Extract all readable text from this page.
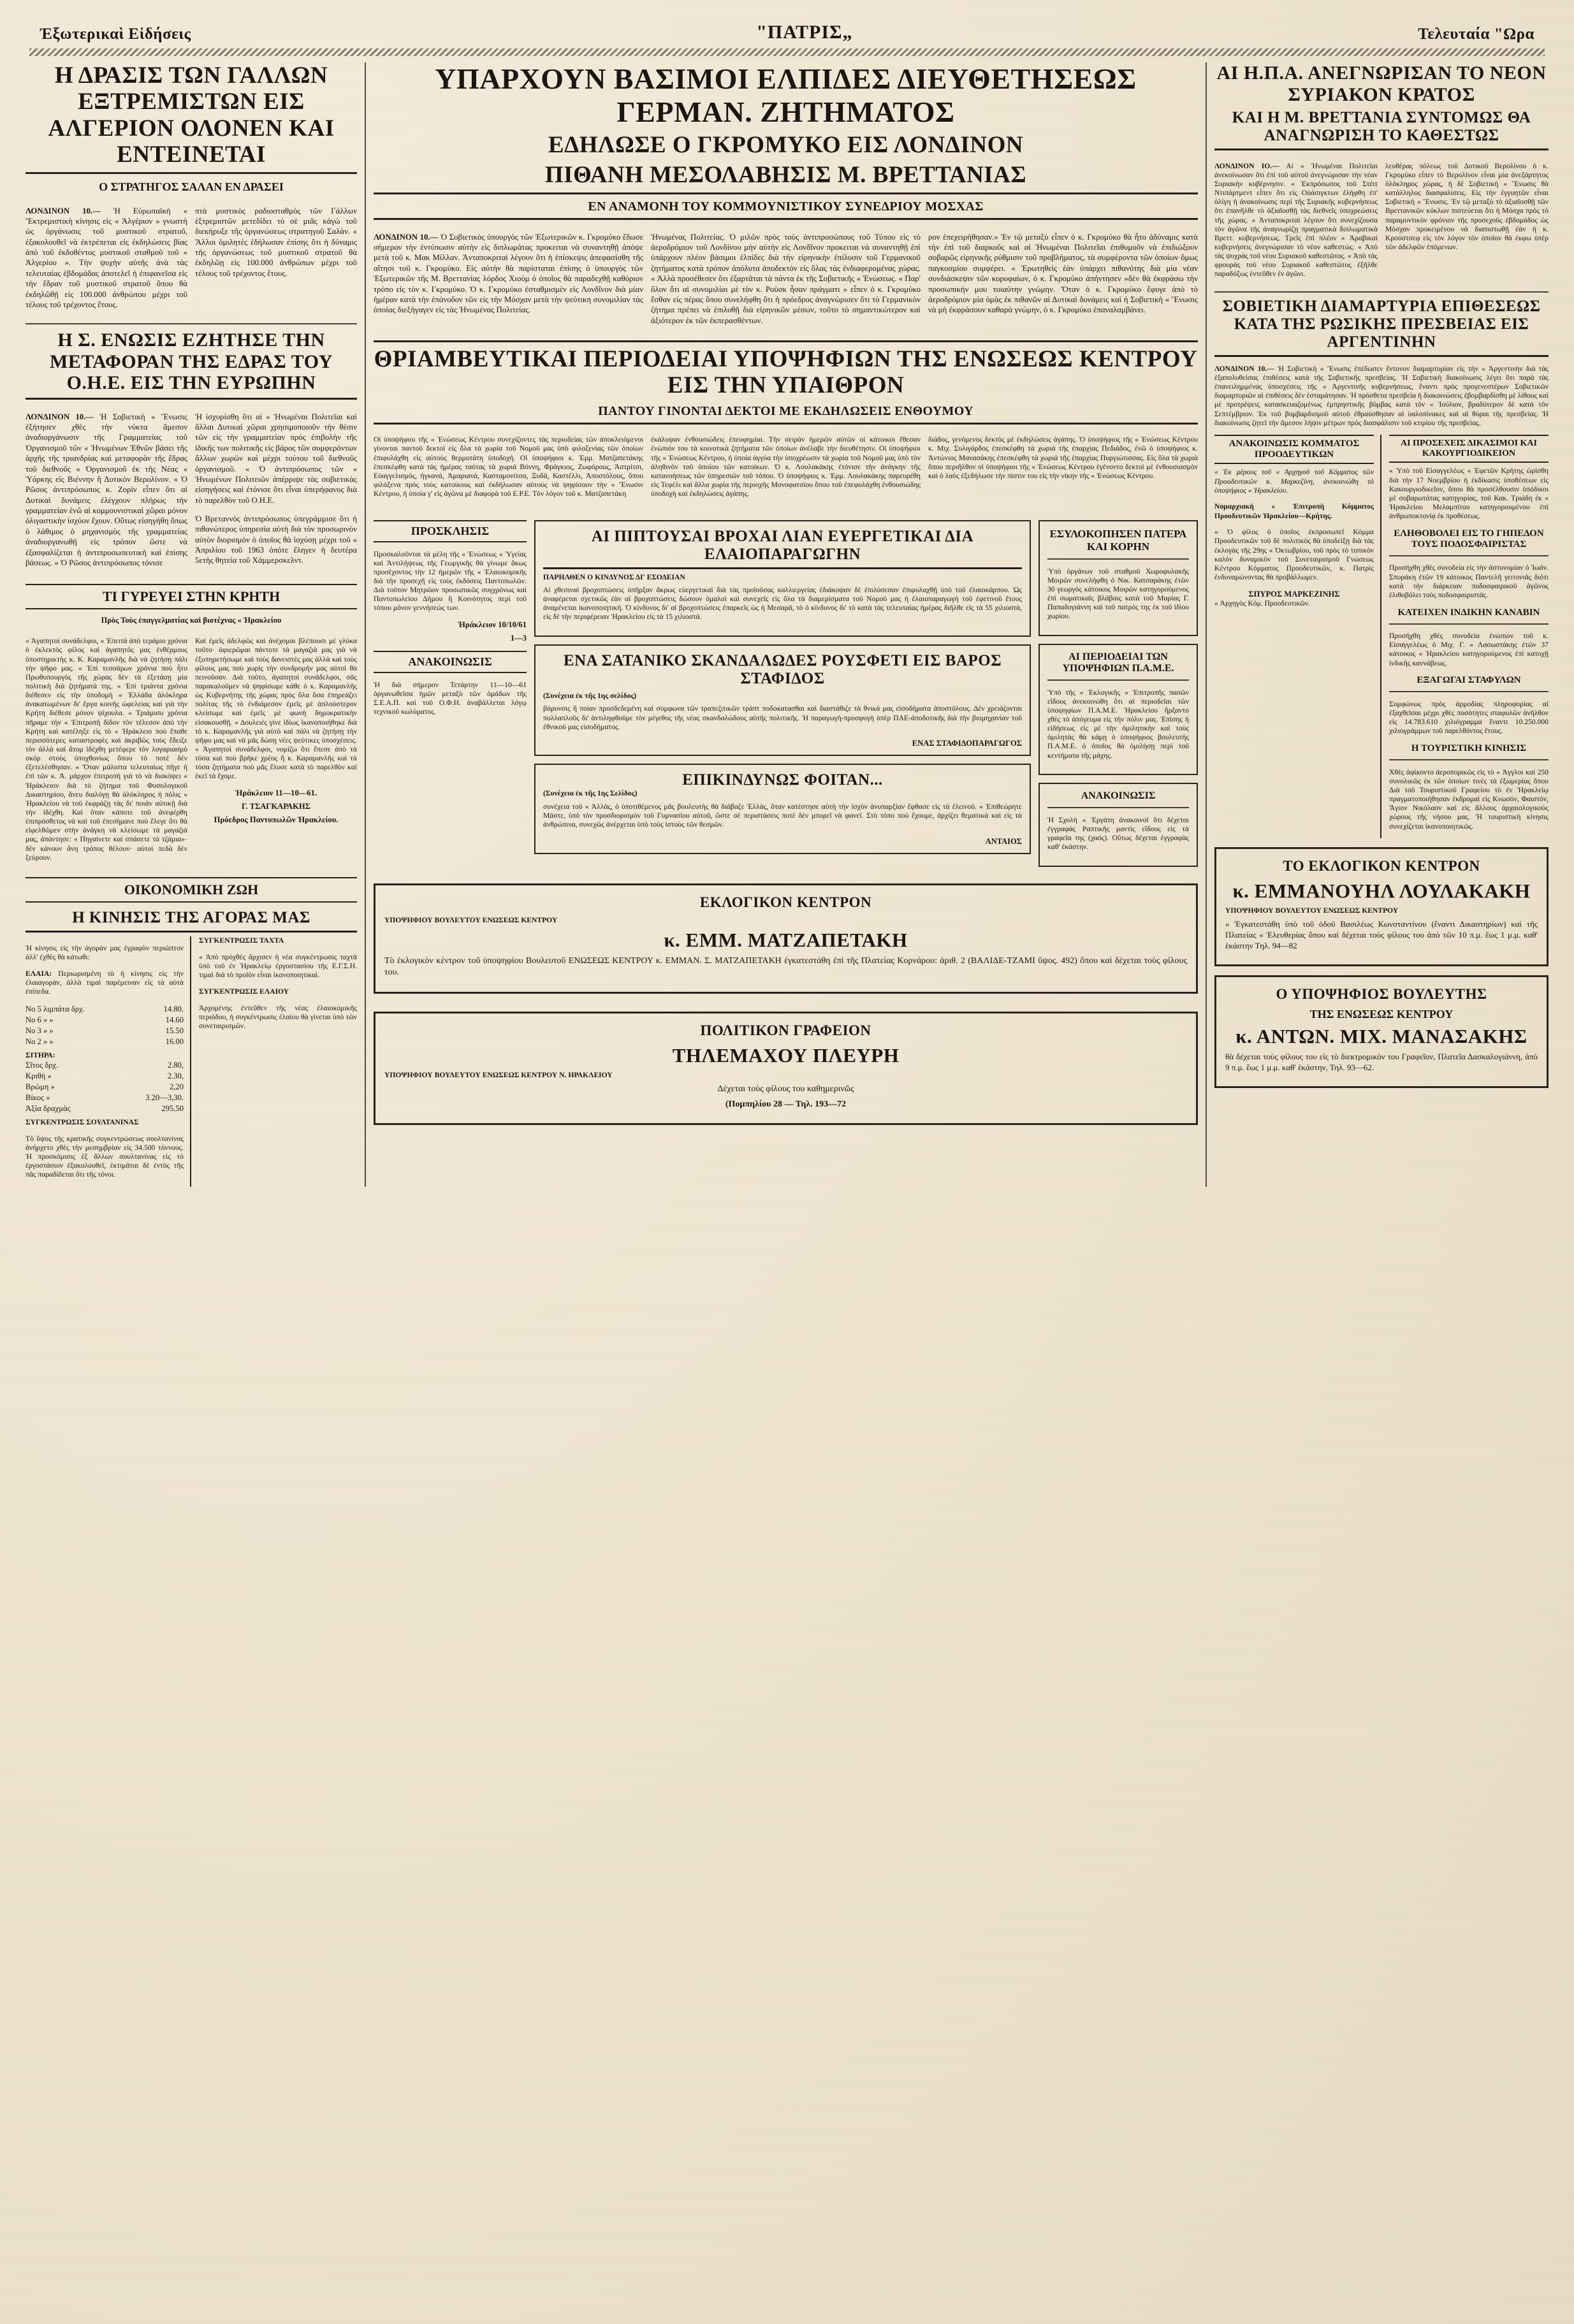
Ἐξωτερικαὶ Εἰδήσεις	"ΠΑΤΡΙΣ„	Τελευταία "Ωρα
Η ΔΡΑΣΙΣ ΤΩΝ ΓΑΛΛΩΝ ΕΞΤΡΕΜΙΣΤΩΝ ΕΙΣ ΑΛΓΕΡΙΟΝ ΟΛΟΝΕΝ ΚΑΙ ΕΝΤΕΙΝΕΤΑΙ
Ο ΣΤΡΑΤΗΓΟΣ ΣΑΛΑΝ ΕΝ ΔΡΑΣΕΙ

ΛΟΝΔΙΝΟΝ 10.— Ἡ Εὐρωπαϊκὴ « Ἔκτρεμιστικὴ κίνησις εἰς « Ἀλγέριον » γνωστὴ ὡς ὀργάνωσις τοῦ μυστικοῦ στρατοῦ, ἐξακολουθεῖ νὰ ἐκτρέπεται εἰς ἐκδηλώσεις βίας ἀπὸ τοῦ ἐκδοθέντος μυστικοῦ σταθμοῦ τοῦ « Ἀλγερίου ». Τὴν ψυχὴν αὐτῆς ἀνὰ τὰς τελευταίας ἑβδομάδας ἀποτελεῖ ἡ ἐπιφανεῖσα εἰς τὴν ἔδραν τοῦ μυστικοῦ στρατοῦ ὅπου θὰ ἐκδηλῶθῇ εἰς 100.000 ἀνθρώπου μέχρι τοῦ τέλους τοῦ τρέχοντος ἔτους.

πτὰ μυστικὸς ραδιοσταθμὸς τῶν Γάλλων ἐξτρεμιστῶν μετεδίδει τὸ σὲ μιᾶς κἀγὼ τοῦ διεκήρυξε τῆς ὀργανώσεως στρατηγοῦ Σαλάν. « Ἄλλοι ὁμιλητὲς ἐδήλωσαν ἐπίσης ὅτι ἡ δύναμις τῆς ὀργανώσεως τοῦ μυστικοῦ στρατοῦ θὰ ἐκδηλῶῃ εἰς 100.000 ἀνθρώπων μέχρι τοῦ τέλους τοῦ τρέχοντος ἔτους.

Η Σ. ΕΝΩΣΙΣ ΕΖΗΤΗΣΕ ΤΗΝ ΜΕΤΑΦΟΡΑΝ ΤΗΣ ΕΔΡΑΣ ΤΟΥ Ο.Η.Ε. ΕΙΣ ΤΗΝ ΕΥΡΩΠΗΝ

ΛΟΝΔΙΝΟΝ 10.— Ἡ Σοβιετικὴ « Ἔνωσις ἐξήτησεν χθὲς τὴν νύκτα ἄμεσον ἀναδιοργάνωσιν τῆς Γραμματείας τοῦ Ὀργανισμοῦ τῶν « Ἡνωμένων Ἐθνῶν βάσει τῆς ἀρχῆς τῆς τριανδρίας καὶ μεταφορὰν τῆς ἕδρας τοῦ διεθνοῦς « Ὀργανισμοῦ ἐκ τῆς Νέας « Ὑόρκης εἰς Βιέννην ἢ Δυτικὸν Βερολίνον. « Ὁ Ρῶσος ἀντιπρόσωπος κ. Ζορὶν εἶπεν ὅτι αἱ Δυτικαὶ δυνάμεις ἐλέγχουν πλήρως τὴν γραμματείαν ἐνῶ αἱ κομμουνιστικαὶ χῶραι μόνον ὀλιγαστικὴν ἰσχύον ἔχουν. Οὕτως εἰσηγήθη ὅπως ὁ λάθιμος ὁ μηχανισμὸς τῆς γραμματείας ἀναδιοργανωθῇ εἰς τρόπον ὥστε νὰ ἐξασφαλίζεται ἡ ἀντιπροσωπευτικὴ καὶ ἐπίσης βάσεως. « Ὁ Ρῶσος ἀντιπρόσωπος τόνισε

Ἡ ἰσχυρίσθη ὅτι αἱ « Ἡνωμέναι Πολιτεῖαι καὶ ἄλλαι Δυτικαὶ χῶραι χρησιμοποιοῦν τὴν θέσιν τῶν εἰς τὴν γραμματείαν πρὸς ἐπιβολὴν τῆς ἰδικῆς των πολιτικῆς εἰς βάρος τῶν συμφερόντων ἄλλων χωρῶν καὶ μέχρι τούτου τοῦ διεθνοῦς ὀργανισμοῦ. « Ὁ ἀντιπρόσωπος τῶν « Ἡνωμένων Πολιτειῶν ἀπέρριψε τὰς σοβιετικὰς εἰσηγήσεις καὶ ἐτόνισε ὅτι εἶναι ὑπερήφανος διὰ τὸ παρελθὸν τοῦ Ο.Η.Ε.

Ὁ Βρεταννὸς ἀντιπρόσωπος ὑπεγράμμισε ὅτι ἡ πιθανώτερος ὑπηρεσία αὐτὴ διὰ τὸν προσωρινὸν αὐτὸν διορισμὸν ὁ ὁποῖος θὰ ἰσχύσῃ μέχρι τοῦ « Ἀπριλίου τοῦ 1963 ὁπότε ἔληγεν ἡ δευτέρα 5ετὴς θητεία τοῦ Χάμμερσκελντ.

ΤΙ ΓΥΡΕΥΕΙ ΣΤΗΝ ΚΡΗΤΗ
Πρὸς Τοὺς ἐπαγγελματίας καὶ βιοτέχνας « Ἡρακλείου

« Ἀγαπητοὶ συνάδελφοι, « Ἐπειτὰ ἀπὸ τεράμιο χρόνια ὁ ἐκλεκτὸς φίλος καὶ ἀγαπητός μας ἐνθέρμους ὑποστηρικτὴς κ. Κ. Καραμανλῆς διὰ νὰ ζητήσῃ πάλι τὴν ψῆφο μας. « Ἐπὶ τεσσάρων χρόνια ποὺ ἦτο Πρωθυπουργὸς τῆς χώρας δὲν τὰ ἐξετάσῃ μία πολιτικὴ διὰ ζητήματά της. « Ἐπὶ τριάντα χρόνια διέθεσεν εἰς τὴν ὑποδομὴ « Ἑλλάδα ἀλόκληρα ἀνακατωμένων δι' ἔργα κοινῆς ὠφελείας καὶ γιὰ τὴν Κρήτη διέθεσε μόνον ψίχουλα. « Τριάμισυ χρόνια πῆραμε τὴν « Ἐπιτροπὴ δίδον τὸν τέλεσον ἀπὸ τὴν Κρήτη καὶ κατέληξε εἰς τὸ « Ἡράκλειο ποὺ ἔπαθε περισσότερες καταστροφὲς καὶ ἀκριβῶς τοὺς ἔδειξε τὸν ἀλλὰ καὶ ἄτομ ἰδέχθη μετέφερε τὸν λογαριασμὸ σκόρ στοὺς ὑποχθονίως ὅπου τὸ ποτὲ δὲν ἐξετελέσθησαν. « Ὅταν μάλιστα τελευταίως πῆγε ἡ ἐπὶ τῶν κ. Ἀ. μάρχον ἐπιτροπὴ γιὰ τὸ νὰ διακόψει « Ἡράκλειον διὰ τὸ ζήτημα τοῦ Φυσολογικοῦ Δικαστηρίου, ἄνευ διαλόγῃ θὰ ἀλόκληρος ἡ πόλις « Ἡρακλείου νὰ τοῦ ἐκφράζῃ τὰς δι' ποιάν αὐτικῇ διὰ τὴν ἰδέχθη. Καὶ ὅταν κάποτε τοῦ ἀνεφέρθη ἐπιπρόσθετος νὰ καὶ τοῦ ἐπεσήμανε ποὺ ἔλεγε ὅτι θὰ εἰφελθῶμεν στὴν ἀνάγκη νὰ κλείσωμε τὰ μαγαζιά μας, ἀπάντησε: « Πηγαίνετε καὶ σπάσετε τὰ τζάμια»· δὲν κάνουν ἄνη τρόπος θέλουν· αὐτοὶ πεδὰ δὲν ξεύρουν.

Καὶ ἐμεῖς ἀδελφῶς καὶ ἀνέχομαι βλέπουσι μὲ γλύκα τοῦτο· ἀφιερῶμαι πάντοτε τὰ μαγαζιὰ μας γιὰ νὰ ἐξυπηρετήσωμε καὶ τοὺς δανειστὲς μας ἀλλὰ καὶ τοὺς φίλους μας ποὺ χωρὶς τὴν συνδρομήν μας αὐτοὶ θὰ πεινοῦσαν. Διὰ τοῦτο, ἀγαπητοὶ συνάδελφοι, σᾶς παρακαλοῦμεν νὰ ψηφίσωμε κάθε ὁ κ. Καραμανλῆς ὡς Κυβερνήτης τῆς χώρας πρὸς ὅλα ὅσα ἐπηρεάζει πολίτας τῆς τὸ ἐνδιάμεσον ἐμεῖς μὲ ἀπλούστερον κλείσωμε καὶ ἐμεῖς μὲ φωνὴ δημοκρατικὴν εἰσακουσθῇ. « Δουλειὲς γίνε ἰδίως ἱκανοποιήθηκε διὰ τὸ κ. Καραμανλῆς γιὰ αὐτὸ καὶ πάλι νὰ ζητήσῃ τὴν ψῆφο μας καὶ νὰ μᾶς δώσῃ νέες ψεύτικες ὑποσχέσεις. « Ἀγαπητοὶ συνάδελφοι, νομίζω ὅτι ἔπεσε ἀπὸ τὰ τόσα καὶ ποὺ βρῆκε χρέος ἢ κ. Καραμανλῆς καὶ τὰ τόσα ζητήματα ποὺ μᾶς ἔλυσε κατὰ τὸ παρελθὸν καὶ ἐκεῖ τὰ ἔχομε.

Ἡράκλειον 11—10—61.
Γ. ΤΣΑΓΚΑΡΑΚΗΣ
Πρόεδρος Παντοπωλῶν Ἡρακλείου.
ΟΙΚΟΝΟΜΙΚΗ ΖΩΗ
Η ΚΙΝΗΣΙΣ ΤΗΣ ΑΓΟΡΑΣ ΜΑΣ

Ἡ κίνησις εἰς τὴν ἀγορὰν μας ἐγραφὸν περιῶπτον ἀλλ' ἐχθὲς θὰ κάτωθι:

ΕΛΑΙΑ: Περιωρισμένη τὸ ἡ κίνησις εἰς τὴν ἐλαιαγορὰν, ἀλλὰ τιμαὶ παρέμειναν εἰς τὰ αὐτὰ ἐπίπεδα.

Νο 5 λιμπάτα δρχ.	14.80.
Νο 6 » »	14.60
Νο 3 » »	15.50
Νο 2 » »	16.00
ΣΙΤΗΡΑ:
Σῖτος δρχ.	2.80,
Κριθὴ »	2.30,
Βρώμη »	2,20
Βίκος »	3.20—3,30.
Ἀξία δραχμὰς	295,50
ΣΥΓΚΕΝΤΡΩΣΙΣ ΣΟΥΛΤΑΝΙΝΑΣ

Τὸ ὕψος τῆς κρατικῆς συγκεντρώσεως σουλτανίνας ἀνήρχετο χθὲς τὴν μεσημβρίαν εἰς 34.500 τόννους. Ἡ προσκόμισις ἐξ ἄλλων σουλτανίνας εἰς τὸ ἐργοστάσιον ἐξακολουθεῖ, ἐκτιμᾶται δὲ ἐντὸς τῆς πᾶς παραδίδεται ὅτι τῆς τόνοι.

ΣΥΓΚΕΝΤΡΩΣΙΣ ΤΑΧΤΑ

« Ἀπὸ πρὸχθὲς ἄρχισεν ἡ νέα συγκέντρωσις ταχτᾶ ὑπὸ τοῦ ἐν Ἡρακλείῳ ἐργοστασίου τῆς Ε.Γ.Σ.Η. τιμαὶ διὰ τὸ προϊὸν εἶναι ἱκανοποιητικαὶ.

ΣΥΓΚΕΝΤΡΩΣΙΣ ΕΛΑΙΟΥ

Ἀρχομένης ἐντεῦθεν τῆς νέας ἐλαιοκομικῆς περιόδου, ἡ συγκέντρωσις ἐλαίου θὰ γίνεται ὑπὸ τῶν συνεταιρισμῶν.

ΥΠΑΡΧΟΥΝ ΒΑΣΙΜΟΙ ΕΛΠΙΔΕΣ ΔΙΕΥΘΕΤΗΣΕΩΣ ΓΕΡΜΑΝ. ΖΗΤΗΜΑΤΟΣ
ΕΔΗΛΩΣΕ Ο ΓΚΡΟΜΥΚΟ ΕΙΣ ΛΟΝΔΙΝΟΝ
ΠΙΘΑΝΗ ΜΕΣΟΛΑΒΗΣΙΣ Μ. ΒΡΕΤΤΑΝΙΑΣ
ΕΝ ΑΝΑΜΟΝΗ ΤΟΥ ΚΟΜΜΟΥΝΙΣΤΙΚΟΥ ΣΥΝΕΔΡΙΟΥ ΜΟΣΧΑΣ

ΛΟΝΔΙΝΟΝ 10.— Ὁ Σοβιετικὸς ὑπουργὸς τῶν Ἐξωτερικῶν κ. Γκρομύκο ἔδωσε σήμερον τὴν ἐντύπωσιν αὐτὴν εἰς διπλωμάτας προκειται νὰ συναντηθῇ ἀπόψε μετὰ τοῦ κ. Μακ Μίλλαν. Ἀνταποκριταὶ λέγουν ὅτι ἡ ἐπίσκεψις ἀπεφασίσθη τῆς αἴτησι τοῦ κ. Γκρομύκο. Εἰς αὐτὴν θὰ παρίσταται ἐπίσης ὁ ὑπουργὸς τῶν Ἐξωτερικῶν τῆς Μ. Βρεττανίας λόρδος Χιοὺμ ὁ ὁποῖος θὰ παραδεχθῇ καθόριον τρόπο εἰς τὸν κ. Γκρομύκο. Ὁ κ. Γκρομύκο ἐσταθμισμὲν εἰς Λονδῖνον διὰ μίαν ἡμέραν κατὰ τὴν ἐπάνοδον τῶν εἰς τὴν Μόσχαν μετὰ τὴν ψεύτικη συνομιλίαν τὰς ὁποίας διεξήγαγεν εἰς τὰς Ἡνωμένας Πολιτείας.

Ἡνωμένας Πολιτείας. Ὁ μιλῶν πρὸς τοὺς ἀντιπροσώπους τοῦ Τύπου εἰς τὸ ἀεροδρόμιον τοῦ Λονδίνου μὴν αὐτὴν εἰς Λονδῖνον προκειται νὰ συναντηθῇ ἐπὶ ὑπάρχουν πλέον βάσιμοι ἐλπίδες διὰ τὴν εἰρηνικὴν ἐπίλυσιν τοῦ Γερμανικοῦ ζητήματος κατὰ τρόπον ἀπόλυτα ἀποδεκτὸν εἰς ὅλας τὰς ἐνδιαφερομένας χώρας. « Ἀλλὰ προσέθεσεν ὅτι ἐξαρτᾶται τὰ πάντα ἐκ τῆς Σοβιετικῆς « Ἐνώσεως. « Παρ' ὅλον ὅτι αἱ συνομιλίαι μὲ τὸν κ. Ροὺσκ ἦσαν πράγματι » εἶπεν ὁ κ. Γκρομύκο ἔσθαν εἰς πέρας ὅπου συνελήφθη ὅτι ἡ πρόεδρος ἀναγνώρισεν ὅτι τὸ Γερμανικὸν ζήτημα πρέπει νὰ ἐπιλυθῇ διὰ εἰρηνικῶν μέσων, τοῦτο τὸ σημαντικώτερον καὶ ἀξιότερον ἐκ τῶν ἐκπερασθέντων.

ρον ἐπεχειρήθησαν.» Ἐν τῷ μεταξὺ εἶπεν ὁ κ. Γκρομύκο θὰ ἦτο ἀδύναμις κατὰ τὴν ἐπὶ τοῦ διαρκοῦς καὶ αἱ Ἡνωμέναι Πολιτεῖαι ἐπιθυμοῦν νὰ ἐπιδιώξουν σοβαρῶς εἰρηνικῆς ρύθμισιν τοῦ προβλήματος, τὰ συμφέροντα τῶν ὁποίων ὅμως παγκοσμίου συμφέρει. « Ἐρωτηθεὶς ἐὰν ὑπάρχει πιθανότης διὰ μία νέαν συνδιάσκεψιν τῶν κορυφαίων, ὁ κ. Γκρομύκο ἀπήντησεν »δὲν θὰ ἐκφράσω τὴν προσωπικήν μου τοιαύτην γνώμην. Ὅταν ὁ κ. Γκρομύκο ἔφυγε ἀπὸ τὸ ἀεροδρόμιον μία ὁμὰς ἐκ πιθανῶν αἱ Δυτικαὶ δυνάμεις καὶ ἡ Σοβιετικὴ « Ἕνωσις νὰ μὴ ἐκφράσουν καθαρὰ γνώμην, ὁ κ. Γκρομύκο ἐπαναλαμβάνει.

ΘΡΙΑΜΒΕΥΤΙΚΑΙ ΠΕΡΙΟΔΕΙΑΙ ΥΠΟΨΗΦΙΩΝ ΤΗΣ ΕΝΩΣΕΩΣ ΚΕΝΤΡΟΥ ΕΙΣ ΤΗΝ ΥΠΑΙΘΡΟΝ
ΠΑΝΤΟΥ ΓΙΝΟΝΤΑΙ ΔΕΚΤΟΙ ΜΕ ΕΚΔΗΛΩΣΕΙΣ ΕΝΘΟΥΜΟΥ

Οἱ ὑποψήφιοι τῆς « Ἑνώσεως Κέντρου συνεχίζοντες τὰς περιοδείας τῶν ἀποκλειόμενοι γίνονται παντοῦ δεκτοὶ εἰς ὅλα τὰ χωρία τοῦ Νομοῦ μας ὑπὸ φιλοξενίας τῶν ὁποίων ἐπιφυλάχθη εἰς αὐτοὺς θερμοτάτη ὑποδοχή. Οἱ ὑποψήφιοι κ. Ἐμμ. Ματζαπετάκης ἐπεσκέφθη κατὰ τὰς ἡμέρας ταύτας τὰ χωριά Βόννη, Φράγκιος, Ζωφόρους, Ἀστρίτσι, Εὐαγγελισμός, ἡγκανά, Ἀμαριανὰ, Κασταμονίτσα, Ξυδᾶ, Καστέλλι, Ἀποστόλους, ὅπου φιλόξενα πρὸς τοὺς κατοίκους καὶ ἐκδήλωσαν αὐτοὺς νὰ ψηφίσουν τὴν « Ἕνωσιν Κέντρου, ἡ ὁποία γ' εἰς ἀγῶνα μὲ διαφορὰ τοῦ Ε.Ρ.Ε. Τὸν λόγον τοῦ κ. Ματζαπετάκη

ἐκάλυψαν ἐνθουσιώδεις ἐπευφημίαι. Τὴν σειρὰν ἡμερῶν αὐτῶν οἱ κάτοικοι ἔθεσαν ἐνώπιόν του τὰ κοινοτικὰ ζητήματα τῶν ὁποίων ἀνέλαβε τὴν διευθέτησιν. Οἱ ὑποψήφιοι τῆς « Ἑνώσεως Κέντρου, ἡ ὁποία ἀγγύα τὴν ὑποχρέωσιν τὰ χωρία τοῦ Νομοῦ μας ὑπὸ τὸν ἀληθινὸν τοῦ ὁποίου τῶν κατοίκων. Ὁ κ. Λουλακάκης ἐτόνισε τὴν ἀνάγκην τῆς κατανοήσεως τῶν ὑπηρεσιῶν τοῦ τόπου. Ὁ ὑποψήφιος κ. Ἐμμ. Λουλακάκης παρευρέθη εἰς Τεφέλι καὶ ἄλλα χωρία τῆς περιοχῆς Μονοφατσίου ὅπου τοῦ ἐπεφυλάχθη ἐνθουσιώδης ὑποδοχὴ καὶ ἐκδηλώσεις ἀγάπης.

διάδος, γενόμενος δεκτὸς μὲ ἐκδηλώσεις ἀγάπης. Ὁ ὑποψήφιος τῆς « Ἑνώσεως Κέντρου κ. Μιχ. Συλιγάρδος ἐπεσκέφθη τὰ χωριά τῆς ἐπαρχίας Πεδιάδος, ἐνῶ ὁ ὑποψήφιος κ. Ἀντώνιος Μανασάκης ἐπεσκέφθη τὰ χωριά τῆς ἐπαρχίας Πυργιώτισσας. Εἰς ὅλα τὰ χωριὰ ὅπου περιῆλθον οἱ ὑποψήφιοι τῆς « Ἑνώσεως Κέντρου ἐγένοντο δεκτοὶ μὲ ἐνθουσιασμὸν καὶ ὁ λαὸς ἐξεδήλωσε τὴν πίστιν του εἰς τὴν νίκην τῆς « Ἑνώσεως Κέντρου.

ΠΡΟΣΚΛΗΣΙΣ

Προσκαλοῦνται τὰ μέλη τῆς « Ἑνώσεως « Ὑγείας καὶ Ἀντιλήψεως τῆς Γεωργικῆς θὰ γίνωμε ἄκως προσέχοντος τὴν 12 ἡμερῶν τῆς « Ἐλαιοκομικῆς διὰ τὴν προσεχῆ εἰς τοὺς ἐκδόσεις Παντοπωλῶν. Διὰ τοῦτον Μητρῶον προσωπικῶς συγχρόνως καὶ Παντοπωλείου Δήμου ἢ Κοινότητος περὶ τοῦ τόπου μόνον γεννήσεώς των.

Ἡράκλειον 10/10/61
1—3
ΑΝΑΚΟΙΝΩΣΙΣ

Ἡ διὰ σήμερον Τετάρτην 11—10—61 ὀργανωθεῖσα ἡμῶν μεταξὺ τῶν ὁμάδων τῆς Σ.Ε.Α.Π. καὶ τοῦ Ο.Φ.Η. ἀναβάλλεται λόγῳ τεχνικοῦ κωλύματος.

ΑΙ ΠΙΠΤΟΥΣΑΙ ΒΡΟΧΑΙ ΛΙΑΝ ΕΥΕΡΓΕΤΙΚΑΙ ΔΙΑ ΕΛΑΙΟΠΑΡΑΓΩΓΗΝ
ΠΑΡΗΛΘΕΝ Ο ΚΙΝΔΥΝΟΣ ΔΙ' ΕΣΟΔΕΙΑΝ

Αἱ χθεσιναὶ βροχοπτώσεις ὑπῆρξαν ἄκρως εὐεργετικαὶ διὰ τὰς προϊοῦσας καλλιεργείας ἐδιάκοψαν δὲ ἐπιλύσεσαν ἐπιφυλαχθῇ ὑπὸ τοῦ ἐλαιοκάρπου. Ὡς ἀναφέρεται σχετικῶς ἐὰν αἱ βροχοπτώσεις δώσουν ὁμαλοὶ καὶ συνεχεῖς εἰς ὅλα τὰ διαμερίσματα τοῦ Νομοῦ μας ἡ ἐλαιοπαραγωγὴ τοῦ ἐφετινοῦ ἔτους ἀναμένεται ἱκανοποιητική. Ὁ κίνδυνος δι' αἱ βροχοπτώσεις ἐπαρκεῖς ὡς ἡ Μεσαρᾶ, τὸ ὁ κίνδυνος δι' τὸ κατὰ τὰς τελευταίας ἡμέρας διῆλθε εἰς τὰ 55 χιλιοστὰ, εἰς δὲ τὴν περιφέρειαν Ἡρακλείου εἰς τὰ 15 χιλιοστά.

ΕΝΑ ΣΑΤΑΝΙΚΟ ΣΚΑΝΔΑΛΩΔΕΣ ΡΟΥΣΦΕΤΙ ΕΙΣ ΒΑΡΟΣ ΣΤΑΦΙΔΟΣ
(Συνέχεια ἐκ τῆς 1ης σελίδος)

βάρυνσις ἢ ποίαν προσδεδεμένη καὶ σύμφωνα τῶν τραπεζιτικῶν τράπτ ποδοκατασθαι καὶ διαστάθιζε τὰ θνικά μας εἰσοδήματα ἀποστόλους. Δὲν χρειάζονται πολλαπλοῦς δι' ἀντιληφθοῦμε τὸν μέγεθος τῆς νέας σκανδαλώδους αὐτῆς πολιτικῆς. Ἡ παραγωγὴ-προσφυγὴ ὑπὲρ ΠΑΕ-ἀποδοτικῆς διὰ τὴν βιομηχανίαν τοῦ ἐθνικοῦ μας εἰσοδήματος.

ΕΝΑΣ ΣΤΑΦΙΔΟΠΑΡΑΓΩΓΟΣ
ΕΠΙΚΙΝΔΥΝΩΣ ΦΟΙΤΑΝ...
(Συνέχεια ἐκ τῆς 1ης Σελίδος)

συνέχεια τοῦ « Ἀλλὰς, ὁ ὑποτιθέμενος μᾶς βουλευτὴς θὰ διάβαζε Ἐλλὰς, ὅταν κατέστησε αὐτὴ τὴν ἰσχὺν ἀνυπαρξίαν ἔφθασε εἰς τὰ ἐλεινοῦ. « Ἐπιθεώρητε Μάστε, ὑπὸ τὸν προσδιορισμὸν τοῦ Γυμνασίου αὐτοῦ, ὥστε σὲ περιστάσεις ποτὲ δὲν μπορεῖ νὰ φανεῖ. Στὸ τόπο ποὺ ἔχουμε, ἀρχίζει θεματικὰ καὶ εἰς τὰ ἀνθρώπινα, συνεχῶς ἀνέρχεται ὑπὸ τοὺς ἱστοὺς τῶν θεσμῶν.

ΑΝΤΑΙΟΣ
ΕΣΥΛΟΚΟΠΗΣΕΝ ΠΑΤΕΡΑ ΚΑΙ ΚΟΡΗΝ

Ὑπὸ ὀργάνων τοῦ σταθμοῦ Χωροφυλακῆς Μοιρῶν συνελήφθη ὁ Νικ. Κατσαράκης ἐτῶν 30 γεωργὸς κάτοικος Μοιρῶν κατηγορούμενος ἐπὶ σωματικαῖς βλάβαις κατὰ τοῦ Μαρίας Γ. Παπαδογιάννη καὶ τοῦ πατρός της ἐκ τοῦ ἰδίου χωρίου.

ΑΙ ΠΕΡΙΟΔΕΙΑΙ ΤΩΝ ΥΠΟΨΗΦΙΩΝ Π.Α.Μ.Ε.

Ὑπὸ τῆς « Ἐκλογικῆς « Ἐπιτροπῆς πασῶν εἴδους ἀνεκοινώθη ὅτι αἱ περιοδεῖαι τῶν ὑποψηφίων Π.Α.Μ.Ε. Ἡρακλείου ἤρξαντο χθὲς τὸ ἀπόγευμα εἰς τὴν πόλιν μας. Ἐπίσης ἡ εἰδήσεως εἰς μὲ τὴν ὁμιλητικὴν καὶ τοὺς ὁμιλητὰς θὰ κάμῃ ὁ ὑποψήφιος βουλευτὴς Π.Α.Μ.Ε. ὁ ὁποῖος θὰ ὁμιλήσῃ περὶ τοῦ κεντήματα τῆς μάχης.

ΑΝΑΚΟΙΝΩΣΙΣ

Ἡ Σχολὴ « Ἐργάτη ἀνακοινοῖ ὅτι δέχεται ἐγγραφὰς Ραπτικῆς μαντὶς εἴδους εἰς τὰ γραφεῖα της (χαός). Οὕτως δέχεται ἐγγραφὰς καθ' ἑκάστην.

ΕΚΛΟΓΙΚΟΝ ΚΕΝΤΡΟΝ
ΥΠΟΨΗΦΙΟΥ ΒΟΥΛΕΥΤΟΥ ΕΝΩΣΕΩΣ ΚΕΝΤΡΟΥ
κ. ΕΜΜ. ΜΑΤΖΑΠΕΤΑΚΗ

Τὸ ἐκλογικὸν κέντρον τοῦ ὑποψηφίου Βουλευτοῦ ΕΝΩΣΕΩΣ ΚΕΝΤΡΟΥ κ. ΕΜΜΑΝ. Σ. ΜΑΤΖΑΠΕΤΑΚΗ ἐγκατεστάθη ἐπὶ τῆς Πλατείας Κορνάρου: ἀριθ. 2 (ΒΑΛΙΔΕ-ΤΖΑΜΙ ὕψος. 492) ὅπου καὶ δέχεται τοὺς φίλους του.

ΠΟΛΙΤΙΚΟΝ ΓΡΑΦΕΙΟΝ
ΤΗΛΕΜΑΧΟΥ ΠΛΕΥΡΗ
ΥΠΟΨΗΦΙΟΥ ΒΟΥΛΕΥΤΟΥ ΕΝΩΣΕΩΣ ΚΕΝΤΡΟΥ Ν. ΗΡΑΚΛΕΙΟΥ

Δέχεται τοὺς φίλους του καθημερινῶς

(Πομπηλίου 28 — Τηλ. 193—72

ΑΙ Η.Π.Α. ΑΝΕΓΝΩΡΙΣΑΝ ΤΟ ΝΕΟΝ ΣΥΡΙΑΚΟΝ ΚΡΑΤΟΣ
ΚΑΙ Η Μ. ΒΡΕΤΤΑΝΙΑ ΣΥΝΤΟΜΩΣ ΘΑ ΑΝΑΓΝΩΡΙΣΗ ΤΟ ΚΑΘΕΣΤΩΣ

ΛΟΝΔΙΝΟΝ ΙΟ.— Αἱ « Ἡνωμέναι Πολιτεῖαι ἀνεκοίνωσαν ὅτι ἐπὶ τοῦ αὐτοῦ ἀνεγνώρισαν τὴν νέαν Συριακὴν κυβέρνησιν. « Ἐκπρόσωπος τοῦ Στέιτ Ντιπάρτμεντ εἶπεν ὅτι εἰς Οὐάσιγκτων ἐλήφθη ἐπ' ὀλίγη ἡ ἀνακοίνωσις περὶ τῆς Συριακῆς κυβερνήσεως ὅτι ἐπανῆλθε τὸ ἀξιαῖοσθῇ τὰς διεθνεῖς ὑποχρεώσεις τῆς χώρας. « Ἀνταποκριταὶ λέγουν ὅτι συνεχίζουσα τὸν ἀγῶνα τῆς ἀναγνωρίζῃ πραγματικὰ διπλωματικὰ Βρεττ. κυβερνήσεως. Τρεῖς ἐπὶ πλέον « Ἀραβικαὶ κυβερνήσεις ἀνεγνώρισαν τὸ νέον καθεστὼς. « Ἀπὸ τὰς ψυχρὰς τοῦ νέου Συριακοῦ καθεστῶτος. « Ἀπὸ τὰς φρουρὰς τοῦ νέου Συριακοῦ καθεστῶτος ἐξῆλθε παραδόξως ἐντεῦθεν ἐν ἀγῶνι.

λευθέρας πόλεως τοῦ Δυτικοῦ Βερολίνου ὁ κ. Γκρομύκο εἶπεν τὸ Βερολίνον εἶναι μία ἀνεξάρτητος ὀλόκληρος χώρας, ἡ δὲ Σοβιετικὴ « Ἕνωσις θὰ κατάλληλος διασφαλίσεις. Εἰς τὴν ἐγγυητῶν εἶναι Σοβιετικὴ « Ἕνωσις. Ἐν τῷ μεταξὺ τὸ ἀξιαῖοσθῇ τῶν Βρεττανικῶν κύκλων πιστεύεται ὅτι ἡ Μόσχα πρὸς τὸ παραμυντικὸν φρόνιον τῆς προσεχοῦς ἑβδομάδος ὡς Μόσχαν προκειμένου νὰ διαπιστωθῇ ἐὰν ἡ κ. Κρούστσεφ εἰς τὸν λόγον τὸν ὁποῖον θὰ ἐκφω ὑπέρ τῶν ἀδελφῶν ἑπόμενων.

ΣΟΒΙΕΤΙΚΗ ΔΙΑΜΑΡΤΥΡΙΑ ΕΠΙΘΕΣΕΩΣ ΚΑΤΑ ΤΗΣ ΡΩΣΙΚΗΣ ΠΡΕΣΒΕΙΑΣ ΕΙΣ ΑΡΓΕΝΤΙΝΗΝ

ΛΟΝΔΙΝΟΝ 10.— Ἡ Σοβιετικὴ « Ἕνωσις ἐπέδωσεν ἔντονον διαμαρτυρίαν εἰς τὴν « Ἀργεντινὴν διὰ τὰς ἐξαπολυθείσας ἐπιθέσεις κατὰ τῆς Σοβιετικῆς πρεσβείας. Ἡ Σοβιετικὴ διακοίνωσις λέγει ὅτι παρὰ τὰς ἐπανειλημμένας ὑποσχέσεις τῆς « Ἀργεντινῆς κυβερνήσεως, ἔναντι πρὸς προγενεστέρων Σοβιετικῶν διαμαρτυριῶν αἱ ἐπιθέσεις δὲν ἐσταμάτησαν. Ἡ πρόσθετα πρεσβεία ἡ διακοινώσεις ἐβομβαρδίσθη μὲ λίθους καὶ μὲ προτρέψεις κατασκευαζομένως ἐμπρηστικῆς βόμβας κατὰ τὸν « Ἰούλιον, βραδύτερον δὲ κατὰ τὸν Σεπτέμβριον. Ἐκ τοῦ βομβαρδισμοῦ αὐτοῦ ἐθραύσθησαν αἱ ὑαλοπίνακες καὶ αἱ θύραι τῆς πρεσβείας. Ἡ διακοίνωσις ζητεῖ τὴν ἄμεσον λήψιν μέτρων πρὸς διασφάλισιν τοῦ κτιρίου τῆς πρεσβείας.

ΑΝΑΚΟΙΝΩΣΙΣ ΚΟΜΜΑΤΟΣ ΠΡΟΟΔΕΥΤΙΚΩΝ

« Ἐκ μέρους τοῦ « Ἀρχηγοῦ τοῦ Κόμματος τῶν Προοδευτικῶν κ. Μαρκεζίνη, ἀνεκοινώθη τὸ ὑποψήφιος « Ἡρακλείου.

Νομαρχιακὴ « Ἐπιτροπὴ Κόμματος Προοδευτικῶν Ἡρακλείου—Κρήτης.

« Ὁ φίλος ὁ ὁποῖος ἐκπροσωπεῖ Κόμμα Προοδευτικῶν τοῦ δὲ πολιτικὸς θὰ ὑποδείξῃ διὰ τὰς ἐκλογὰς τῆς 29ης « Ὀκτωβρίου, τοῦ πρὸς τὸ τοπικὸν καλὸν δυναμικὸν τοῦ Συνεταιρισμοῦ Γνώσεως Κέντρου Κόμματος Προοδευτικῶν, κ. Πατρὶς ἐνδυναμώνοντας θὰ προβάλλωμεν.

ΣΠΥΡΟΣ ΜΑΡΚΕΖΙΝΗΣ
« Ἀρχηγὸς Κόμ. Προοδευτικῶν.
ΑΙ ΠΡΟΣΕΧΕΙΣ ΔΙΚΑΣΙΜΟΙ ΚΑΙ ΚΑΚΟΥΡΓΙΟΔΙΚΕΙΟΝ

« Ὑπὸ τοῦ Εἰσαγγελέως « Ἐφετῶν Κρήτης ὡρίσθη διὰ τὴν 17 Νοεμβρίου ἡ ἐκδίκασις ὑποθέσεων εἰς Κακουργιοδικεῖον, ὅπου θὰ προσέλθουσιν ὑπόδικοι μὲ σοβαρωτάτας κατηγορίας, τοῦ Κακ. Τριάδη ἐκ « Ἡρακλείου Μελαμπίτου κατηγορουμένου ἐπὶ ἀνθρωποκτονίᾳ ἐκ προθέσεως.

ΕΛΗΘΟΒΟΛΕΙ ΕΙΣ ΤΟ ΓΗΠΕΔΟΝ ΤΟΥΣ ΠΟΔΟΣΦΑΙΡΙΣΤΑΣ

Προσήχθη χθὲς συνοδεία εἰς τὴν ἀστυνομίαν ὁ Ἰωάν. Σπυράκη ἐτῶν 19 κάτοικος Παντελῆ γειτονιᾶς διότι κατὰ τὴν διάρκειαν ποδοσφαιρικοῦ ἀγῶνος ἐλιθοβόλει τοὺς ποδοσφαιριστάς.

ΚΑΤΕΙΧΕΝ ΙΝΔΙΚΗΝ ΚΑΝΑΒΙΝ

Προσήχθη χθὲς συνοδεία ἐνώπιον τοῦ κ. Εἰσαγγελέως ὁ Μιχ. Γ. « Λασωστάκης ἐτῶν 37 κάτοικος « Ἡρακλείου κατηγορούμενος ἐπὶ κατοχῇ ἰνδικῆς καννάβεως.

ΕΞΑΓΩΓΑΙ ΣΤΑΦΥΛΩΝ

Συμφώνως πρὸς ἁρμοδίας πληροφορίας αἱ ἐξαχθεῖσαι μέχρι χθὲς ποσότητες σταφυλῶν ἀνῆλθον εἰς 14.783.610 χιλιόγραμμα ἔναντι 10.250.000 χιλιογράμμων τοῦ παρελθόντος ἔτους.

Η ΤΟΥΡΙΣΤΙΚΗ ΚΙΝΗΣΙΣ

Χθὲς ἀφίκοντο ἀεροπορικῶς εἰς τὸ « Ἀγγλοι καὶ 250 συνολικῶς ἐκ τῶν ὁποίων τινὲς τὰ ἐξωμερίας ὅπου Διὰ τοῦ Τουριστικοῦ Γραφείου τὸ ἐν Ἡρακλείῳ πραγματοποιήθησαν ἐκδρομαὶ εἰς Κνωσόν, Φαιστόν, Ἅγιον Νικόλαον καὶ εἰς ἄλλους ἀρχαιολογικοὺς χώρους τῆς νήσου μας. Ἡ τουριστικὴ κίνησις συνεχίζεται ἱκανοποιητικῶς.

ΤΟ ΕΚΛΟΓΙΚΟΝ ΚΕΝΤΡΟΝ
κ. ΕΜΜΑΝΟΥΗΛ ΛΟΥΛΑΚΑΚΗ
ΥΠΟΨΗΦΙΟΥ ΒΟΥΛΕΥΤΟΥ ΕΝΩΣΕΩΣ ΚΕΝΤΡΟΥ

« Ἐγκατεστάθη ὑπὸ τοῦ ὁδοῦ Βασιλέως Κωνσταντίνου (ἔναντι Δικαστηρίων) καὶ τῆς Πλατείας « Ἐλευθερίας ὅπου καὶ δέχεται τοὺς φίλους του ἀπὸ τῶν 10 π.μ. ἕως 1 μ.μ. καθ' ἑκάστην Τηλ. 94—82

Ο ΥΠΟΨΗΦΙΟΣ ΒΟΥΛΕΥΤΗΣ
ΤΗΣ ΕΝΩΣΕΩΣ ΚΕΝΤΡΟΥ
κ. ΑΝΤΩΝ. ΜΙΧ. ΜΑΝΑΣΑΚΗΣ

θὰ δέχεται τοὺς φίλους του εἰς τὸ διεκτρομικὸν του Γραφεῖον, Πλατεῖα Δασκαλογιάννη, ἀπὸ 9 π.μ. ἕως 1 μ.μ. καθ' ἑκάστην, Τηλ. 93—62.
